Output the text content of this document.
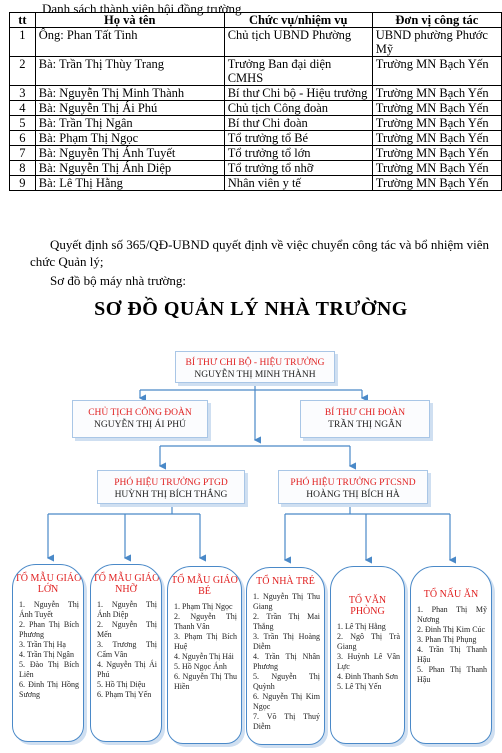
Danh sách thành viên hội đồng trường
tt	Họ và tên	Chức vụ/nhiệm vụ	Đơn vị công tác
1	Ông: Phan Tất Tinh	Chủ tịch UBND Phường	UBND phường Phước Mỹ
2	Bà: Trần Thị Thùy Trang	Trưởng Ban đại diện CMHS	Trường MN Bạch Yến
3	Bà: Nguyễn Thị Minh Thành	Bí thư Chi bộ - Hiệu trưởng	Trường MN Bạch Yến
4	Bà: Nguyễn Thị Ái Phú	Chủ tịch Công đoàn	Trường MN Bạch Yến
5	Bà: Trần Thị Ngân	Bí thư Chi đoàn	Trường MN Bạch Yến
6	Bà: Phạm Thị Ngọc	Tổ trưởng tổ Bé	Trường MN Bạch Yến
7	Bà: Nguyễn Thị Ánh Tuyết	Tổ trưởng tổ lớn	Trường MN Bạch Yến
8	Bà: Nguyễn Thị Ánh Diệp	Tổ trưởng tổ nhỡ	Trường MN Bạch Yến
9	Bà: Lê Thị Hằng	Nhân viên y tế	Trường MN Bạch Yến
Quyết định số 365/QĐ-UBND quyết định về việc chuyển công tác và bổ nhiệm viên chức Quản lý;
Sơ đồ bộ máy nhà trường:
SƠ ĐỒ QUẢN LÝ NHÀ TRƯỜNG
BÍ THƯ CHI BỘ - HIỆU TRƯỞNG
NGUYỄN THỊ MINH THÀNH
CHỦ TỊCH CÔNG ĐOÀN
NGUYỄN THỊ ÁI PHÚ
BÍ THƯ CHI ĐOÀN
TRẦN THỊ NGÂN
PHÓ HIỆU TRƯỞNG PTGD
HUỲNH THỊ BÍCH THẮNG
PHÓ HIỆU TRƯỞNG PTCSND
HOÀNG THỊ BÍCH HÀ
TỔ MẪU GIÁO LỚN
1. Nguyễn Thị Ánh Tuyết
2. Phan Thị Bích Phương
3. Trần Thị Hạ
4. Trần Thị Ngân
5. Đào Thị Bích Liên
6. Đinh Thị Hồng Sương
TỔ MẪU GIÁO NHỠ
1. Nguyễn Thị Ánh Diệp
2. Nguyễn Thị Mến
3. Trương Thị Cẩm Vân
4. Nguyễn Thị Ái Phú
5. Hồ Thị Diệu
6. Phạm Thị Yến
TỔ MẪU GIÁO BÉ
1. Phạm Thị Ngọc
2. Nguyễn Thị Thanh Vân
3. Phạm Thị Bích Huệ
4. Nguyễn Thị Hải
5. Hồ Ngọc Ánh
6. Nguyễn Thị Thu Hiền
TỔ NHÀ TRẺ
1. Nguyễn Thị Thu Giang
2. Trần Thị Mai Thắng
3. Trần Thị Hoàng Diễm
4. Trần Thị Nhân Phương
5. Nguyễn Thị Quỳnh
6. Nguyễn Thị Kim Ngọc
7. Võ Thị Thuý Diễm
TỔ VĂN PHÒNG
1. Lê Thị Hằng
2. Ngô Thị Trà Giang
3. Huỳnh Lê Vân Lực
4. Đinh Thanh Sơn
5. Lê Thị Yến
TỔ NẤU ĂN
1. Phan Thị Mỹ Nương
2. Đinh Thị Kim Cúc
3. Phan Thị Phụng
4. Trần Thị Thanh Hậu
5. Phan Thị Thanh Hậu
